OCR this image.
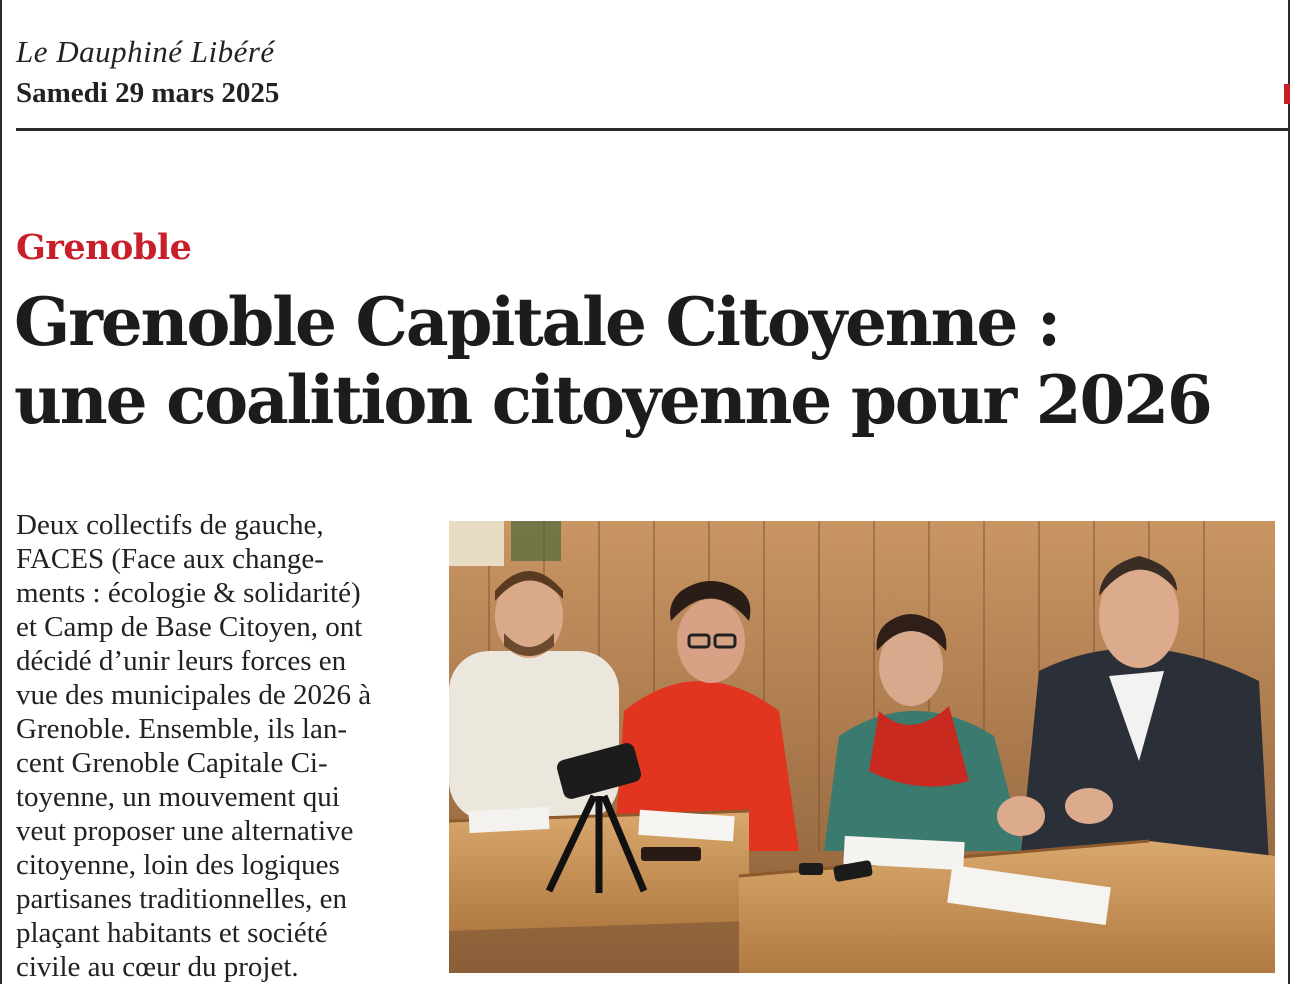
Le Dauphiné Libéré
Samedi 29 mars 2025
Grenoble
Grenoble Capitale Citoyenne :
une coalition citoyenne pour 2026
Deux collectifs de gauche,
FACES (Face aux change-
ments : écologie & solidarité)
et Camp de Base Citoyen, ont
décidé d’unir leurs forces en
vue des municipales de 2026 à
Grenoble. Ensemble, ils lan-
cent Grenoble Capitale Ci-
toyenne, un mouvement qui
veut proposer une alternative
citoyenne, loin des logiques
partisanes traditionnelles, en
plaçant habitants et société
civile au cœur du projet.
